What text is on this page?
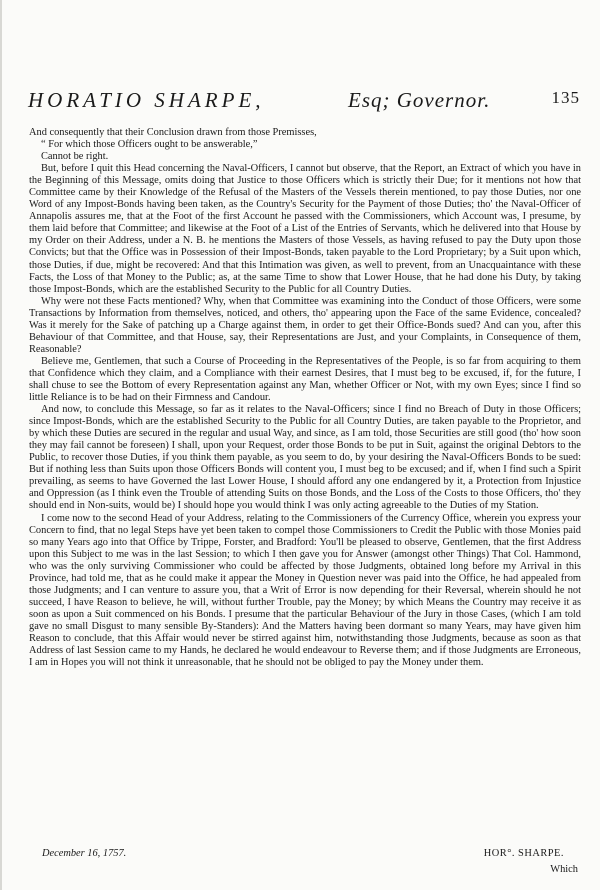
HORATIO SHARPE,	Esq; Governor.	135

And consequently that their Conclusion drawn from those Premisses,

“ For which those Officers ought to be answerable,”

Cannot be right.

But, before I quit this Head concerning the Naval-Officers, I cannot but observe, that the Report, an Extract of which you have in the Beginning of this Message, omits doing that Justice to those Officers which is strictly their Due; for it mentions not how that Committee came by their Knowledge of the Refusal of the Masters of the Vessels therein mentioned, to pay those Duties, nor one Word of any Impost-Bonds having been taken, as the Country's Security for the Payment of those Duties; tho' the Naval-Officer of Annapolis assures me, that at the Foot of the first Account he passed with the Commissioners, which Account was, I presume, by them laid before that Committee; and likewise at the Foot of a List of the Entries of Servants, which he delivered into that House by my Order on their Address, under a N. B. he mentions the Masters of those Vessels, as having refused to pay the Duty upon those Convicts; but that the Office was in Possession of their Impost-Bonds, taken payable to the Lord Proprietary; by a Suit upon which, those Duties, if due, might be recovered: And that this Intimation was given, as well to prevent, from an Unacquaintance with these Facts, the Loss of that Money to the Public; as, at the same Time to show that Lower House, that he had done his Duty, by taking those Impost-Bonds, which are the established Security to the Public for all Country Duties.

Why were not these Facts mentioned? Why, when that Committee was examining into the Conduct of those Officers, were some Transactions by Information from themselves, noticed, and others, tho' appearing upon the Face of the same Evidence, concealed? Was it merely for the Sake of patching up a Charge against them, in order to get their Office-Bonds sued? And can you, after this Behaviour of that Committee, and that House, say, their Representations are Just, and your Complaints, in Consequence of them, Reasonable?

Believe me, Gentlemen, that such a Course of Proceeding in the Representatives of the People, is so far from acquiring to them that Confidence which they claim, and a Compliance with their earnest Desires, that I must beg to be excused, if, for the future, I shall chuse to see the Bottom of every Representation against any Man, whether Officer or Not, with my own Eyes; since I find so little Reliance is to be had on their Firmness and Candour.

And now, to conclude this Message, so far as it relates to the Naval-Officers; since I find no Breach of Duty in those Officers; since Impost-Bonds, which are the established Security to the Public for all Country Duties, are taken payable to the Proprietor, and by which these Duties are secured in the regular and usual Way, and since, as I am told, those Securities are still good (tho' how soon they may fail cannot be foreseen) I shall, upon your Request, order those Bonds to be put in Suit, against the original Debtors to the Public, to recover those Duties, if you think them payable, as you seem to do, by your desiring the Naval-Officers Bonds to be sued: But if nothing less than Suits upon those Officers Bonds will content you, I must beg to be excused; and if, when I find such a Spirit prevailing, as seems to have Governed the last Lower House, I should afford any one endangered by it, a Protection from Injustice and Oppression (as I think even the Trouble of attending Suits on those Bonds, and the Loss of the Costs to those Officers, tho' they should end in Non-suits, would be) I should hope you would think I was only acting agreeable to the Duties of my Station.

I come now to the second Head of your Address, relating to the Commissioners of the Currency Office, wherein you express your Concern to find, that no legal Steps have yet been taken to compel those Commissioners to Credit the Public with those Monies paid so many Years ago into that Office by Trippe, Forster, and Bradford: You'll be pleased to observe, Gentlemen, that the first Address upon this Subject to me was in the last Session; to which I then gave you for Answer (amongst other Things) That Col. Hammond, who was the only surviving Commissioner who could be affected by those Judgments, obtained long before my Arrival in this Province, had told me, that as he could make it appear the Money in Question never was paid into the Office, he had appealed from those Judgments; and I can venture to assure you, that a Writ of Error is now depending for their Reversal, wherein should he not succeed, I have Reason to believe, he will, without further Trouble, pay the Money; by which Means the Country may receive it as soon as upon a Suit commenced on his Bonds. I presume that the particular Behaviour of the Jury in those Cases, (which I am told gave no small Disgust to many sensible By-Standers): And the Matters having been dormant so many Years, may have given him Reason to conclude, that this Affair would never be stirred against him, notwithstanding those Judgments, because as soon as that Address of last Session came to my Hands, he declared he would endeavour to Reverse them; and if those Judgments are Erroneous, I am in Hopes you will not think it unreasonable, that he should not be obliged to pay the Money under them.

December 16, 1757.	HOR°. SHARPE.
Which
